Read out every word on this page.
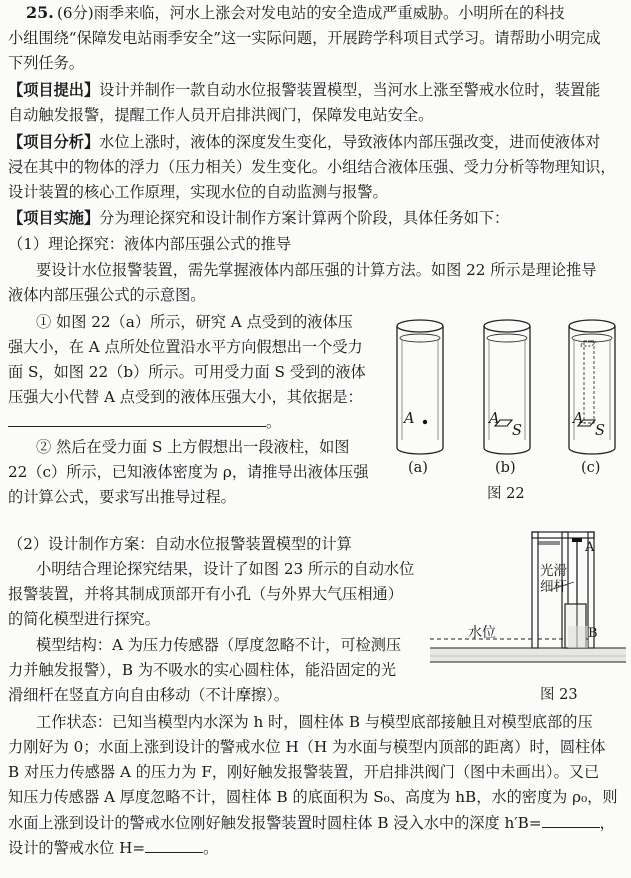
25. (6分)雨季来临，河水上涨会对发电站的安全造成严重威胁。小明所在的科技
小组围绕“保障发电站雨季安全”这一实际问题，开展跨学科项目式学习。请帮助小明完成
下列任务。
【项目提出】设计并制作一款自动水位报警装置模型，当河水上涨至警戒水位时，装置能
自动触发报警，提醒工作人员开启排洪阀门，保障发电站安全。
【项目分析】水位上涨时，液体的深度发生变化，导致液体内部压强改变，进而使液体对
浸在其中的物体的浮力（压力相关）发生变化。小组结合液体压强、受力分析等物理知识，
设计装置的核心工作原理，实现水位的自动监测与报警。
【项目实施】分为理论探究和设计制作方案计算两个阶段，具体任务如下：
（1）理论探究：液体内部压强公式的推导
要设计水位报警装置，需先掌握液体内部压强的计算方法。如图 22 所示是理论推导
液体内部压强公式的示意图。
① 如图 22（a）所示，研究 A 点受到的液体压
强大小，在 A 点所处位置沿水平方向假想出一个受力
面 S，如图 22（b）所示。可用受力面 S 受到的液体
压强大小代替 A 点受到的液体压强大小，其依据是：
。
② 然后在受力面 S 上方假想出一段液柱，如图
22（c）所示，已知液体密度为 ρ，请推导出液体压强
的计算公式，要求写出推导过程。
A	A
S
A
S
(a)	(b)	(c)
图 22
（2）设计制作方案：自动水位报警装置模型的计算
小明结合理论探究结果，设计了如图 23 所示的自动水位
报警装置，并将其制成顶部开有小孔（与外界大气压相通）
的简化模型进行探究。
模型结构：A 为压力传感器（厚度忽略不计，可检测压
力并触发报警），B 为不吸水的实心圆柱体，能沿固定的光
滑细杆在竖直方向自由移动（不计摩擦）。
A
光滑
细杆
水位	B
图 23
工作状态：已知当模型内水深为 h 时，圆柱体 B 与模型底部接触且对模型底部的压
力刚好为 0；水面上涨到设计的警戒水位 H（H 为水面与模型内顶部的距离）时，圆柱体
B 对压力传感器 A 的压力为 F，刚好触发报警装置，开启排洪阀门（图中未画出）。又已
知压力传感器 A 厚度忽略不计，圆柱体 B 的底面积为 S₀、高度为 hB，水的密度为 ρ₀，则
水面上涨到设计的警戒水位刚好触发报警装置时圆柱体 B 浸入水中的深度 h′B=	，
设计的警戒水位 H=	。
